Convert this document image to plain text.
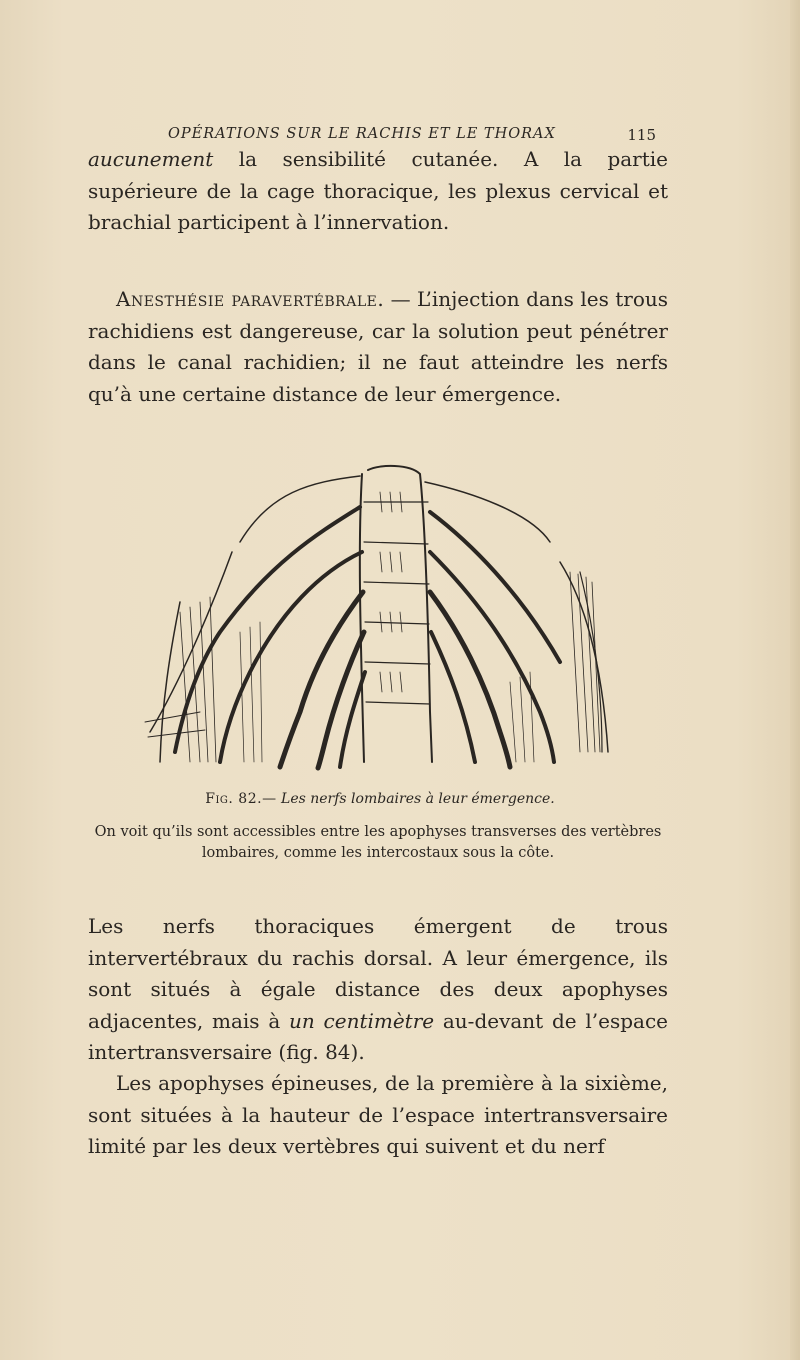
OPÉRATIONS SUR LE RACHIS ET LE THORAX	115

aucunement la sensibilité cutanée. A la partie supérieure de la cage thoracique, les plexus cervical et brachial participent à l’innervation.

Anesthésie paravertébrale. — L’injection dans les trous rachidiens est dangereuse, car la solution peut pénétrer dans le canal rachidien; il ne faut atteindre les nerfs qu’à une certaine distance de leur émergence.

Fig. 82.— Les nerfs lombaires à leur émergence.
On voit qu’ils sont accessibles entre les apophyses transverses des vertèbres lombaires, comme les intercostaux sous la côte.

Les nerfs thoraciques émergent de trous intervertébraux du rachis dorsal. A leur émergence, ils sont situés à égale distance des deux apophyses adjacentes, mais à un centimètre au-devant de l’espace intertransversaire (fig. 84).

Les apophyses épineuses, de la première à la sixième, sont situées à la hauteur de l’espace intertransversaire limité par les deux vertèbres qui suivent et du nerf
